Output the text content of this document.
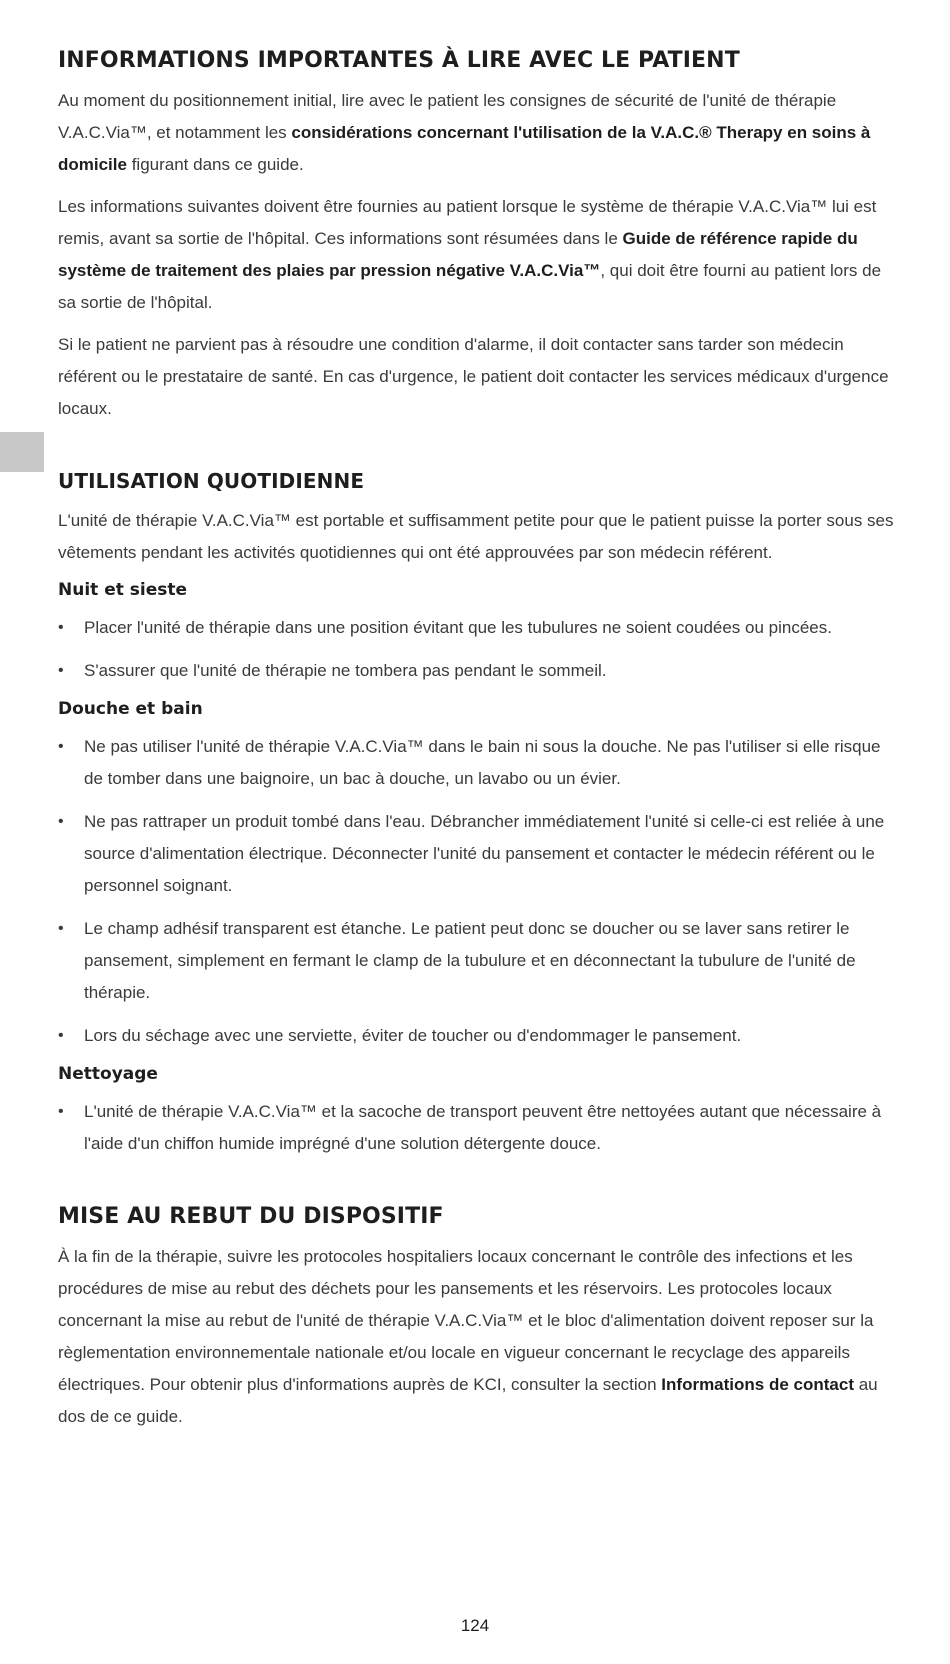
INFORMATIONS IMPORTANTES À LIRE AVEC LE PATIENT

Au moment du positionnement initial, lire avec le patient les consignes de sécurité de l'unité de thérapie V.A.C.Via™, et notamment les considérations concernant l'utilisation de la V.A.C.® Therapy en soins à domicile figurant dans ce guide.

Les informations suivantes doivent être fournies au patient lorsque le système de thérapie V.A.C.Via™ lui est remis, avant sa sortie de l'hôpital. Ces informations sont résumées dans le Guide de référence rapide du système de traitement des plaies par pression négative V.A.C.Via™, qui doit être fourni au patient lors de sa sortie de l'hôpital.

Si le patient ne parvient pas à résoudre une condition d'alarme, il doit contacter sans tarder son médecin référent ou le prestataire de santé. En cas d'urgence, le patient doit contacter les services médicaux d'urgence locaux.

UTILISATION QUOTIDIENNE

L'unité de thérapie V.A.C.Via™ est portable et suffisamment petite pour que le patient puisse la porter sous ses vêtements pendant les activités quotidiennes qui ont été approuvées par son médecin référent.

Nuit et sieste
• Placer l'unité de thérapie dans une position évitant que les tubulures ne soient coudées ou pincées.
• S'assurer que l'unité de thérapie ne tombera pas pendant le sommeil.
Douche et bain
• Ne pas utiliser l'unité de thérapie V.A.C.Via™ dans le bain ni sous la douche. Ne pas l'utiliser si elle risque de tomber dans une baignoire, un bac à douche, un lavabo ou un évier.
• Ne pas rattraper un produit tombé dans l'eau. Débrancher immédiatement l'unité si celle-ci est reliée à une source d'alimentation électrique. Déconnecter l'unité du pansement et contacter le médecin référent ou le personnel soignant.
• Le champ adhésif transparent est étanche. Le patient peut donc se doucher ou se laver sans retirer le pansement, simplement en fermant le clamp de la tubulure et en déconnectant la tubulure de l'unité de thérapie.
• Lors du séchage avec une serviette, éviter de toucher ou d'endommager le pansement.
Nettoyage
• L'unité de thérapie V.A.C.Via™ et la sacoche de transport peuvent être nettoyées autant que nécessaire à l'aide d'un chiffon humide imprégné d'une solution détergente douce.
MISE AU REBUT DU DISPOSITIF

À la fin de la thérapie, suivre les protocoles hospitaliers locaux concernant le contrôle des infections et les procédures de mise au rebut des déchets pour les pansements et les réservoirs. Les protocoles locaux concernant la mise au rebut de l'unité de thérapie V.A.C.Via™ et le bloc d'alimentation doivent reposer sur la règlementation environnementale nationale et/ou locale en vigueur concernant le recyclage des appareils électriques. Pour obtenir plus d'informations auprès de KCI, consulter la section Informations de contact au dos de ce guide.

124
